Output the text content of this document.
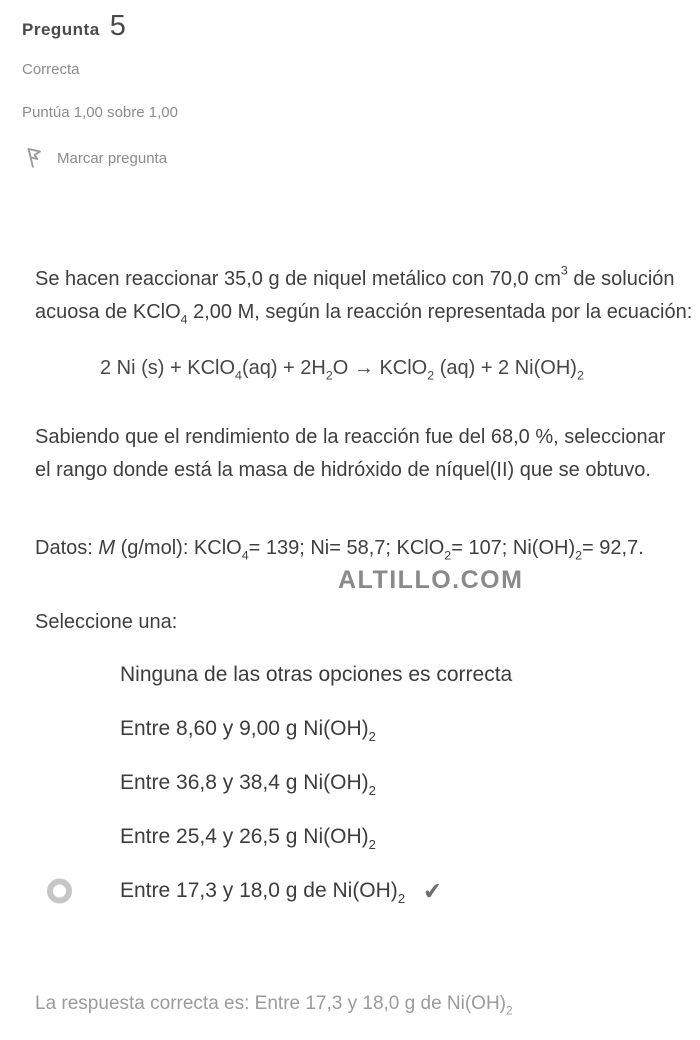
Pregunta 5
Correcta
Puntúa 1,00 sobre 1,00
Marcar pregunta

Se hacen reaccionar 35,0 g de niquel metálico con 70,0 $cm^3$ de solución acuosa de KClO$_4$ 2,00 M, según la reacción representada por la ecuación:

2 Ni (s) + KClO$_4$(aq) + $2H_2O$ → KClO$_2$ (aq) + 2 $Ni(OH)_2$

Sabiendo que el rendimiento de la reacción fue del 68,0 %, seleccionar el rango donde está la masa de hidróxido de níquel(II) que se obtuvo.

Datos: M (g/mol): KClO$_4$= 139; Ni= 58,7; KClO$_2$= 107; $Ni(OH)_2= 92,7$.

ALTILLO.COM
Seleccione una:
Ninguna de las otras opciones es correcta
Entre 8,60 y 9,00 g $Ni(OH)_2$
Entre 36,8 y 38,4 g $Ni(OH)_2$
Entre 25,4 y 26,5 g $Ni(OH)_2$
Entre 17,3 y 18,0 g de $Ni(OH)_2$ ✔
La respuesta correcta es: Entre 17,3 y 18,0 g de $Ni(OH)_2$
